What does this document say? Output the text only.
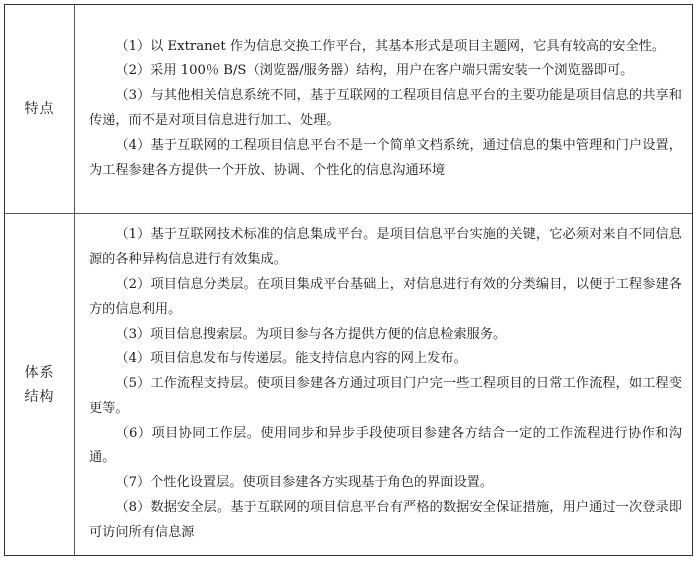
特点

（1）以 Extranet 作为信息交换工作平台，其基本形式是项目主题网，它具有较高的安全性。

（2）采用 100％ B/S（浏览器/服务器）结构，用户在客户端只需安装一个浏览器即可。

（3）与其他相关信息系统不同，基于互联网的工程项目信息平台的主要功能是项目信息的共享和传递，而不是对项目信息进行加工、处理。

（4）基于互联网的工程项目信息平台不是一个简单文档系统，通过信息的集中管理和门户设置，为工程参建各方提供一个开放、协调、个性化的信息沟通环境

体系
结构

（1）基于互联网技术标准的信息集成平台。是项目信息平台实施的关键，它必须对来自不同信息源的各种异构信息进行有效集成。

（2）项目信息分类层。在项目集成平台基础上，对信息进行有效的分类编目，以便于工程参建各方的信息利用。

（3）项目信息搜索层。为项目参与各方提供方便的信息检索服务。

（4）项目信息发布与传递层。能支持信息内容的网上发布。

（5）工作流程支持层。使项目参建各方通过项目门户完一些工程项目的日常工作流程，如工程变更等。

（6）项目协同工作层。使用同步和异步手段使项目参建各方结合一定的工作流程进行协作和沟通。

（7）个性化设置层。使项目参建各方实现基于角色的界面设置。

（8）数据安全层。基于互联网的项目信息平台有严格的数据安全保证措施，用户通过一次登录即可访问所有信息源
